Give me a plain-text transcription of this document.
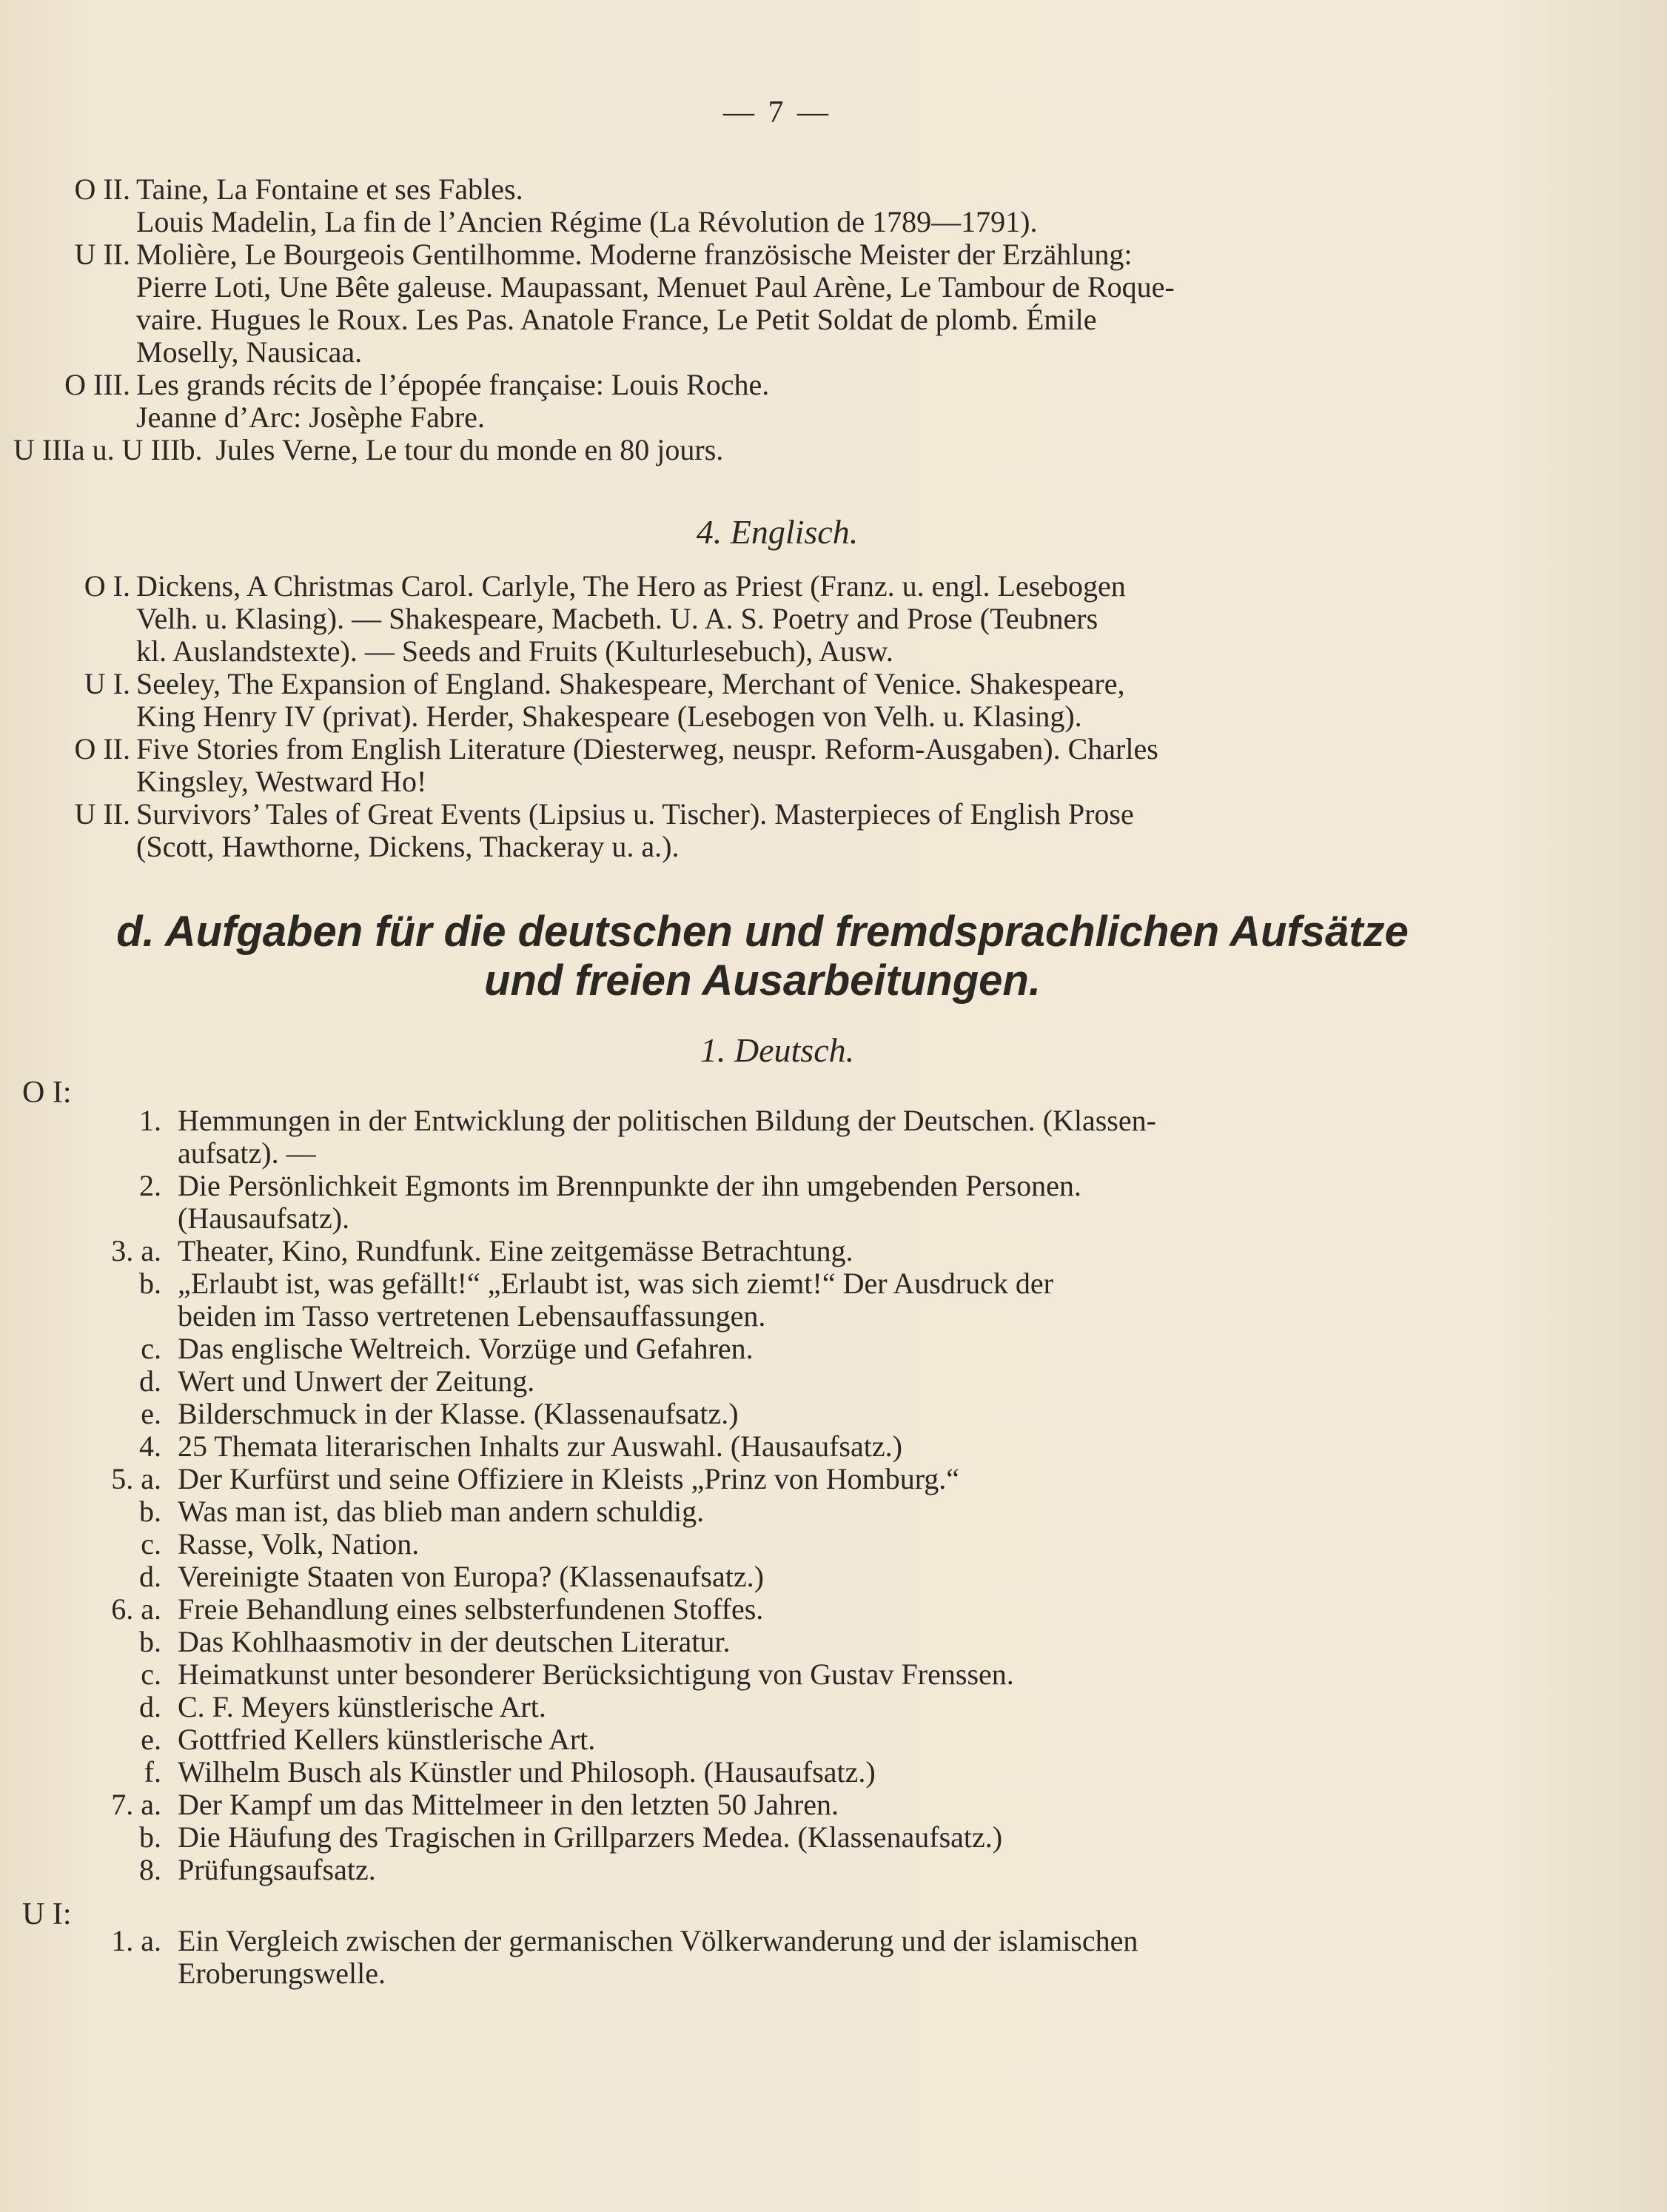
— 7 —
O II. Taine, La Fontaine et ses Fables.
Louis Madelin, La fin de l’Ancien Régime (La Révolution de 1789—1791).
U II. Molière, Le Bourgeois Gentilhomme. Moderne französische Meister der Erzählung:
Pierre Loti, Une Bête galeuse. Maupassant, Menuet Paul Arène, Le Tambour de Roque-
vaire. Hugues le Roux. Les Pas. Anatole France, Le Petit Soldat de plomb. Émile
Moselly, Nausicaa.
O III. Les grands récits de l’épopée française: Louis Roche.
Jeanne d’Arc: Josèphe Fabre.
U IIIa u. U IIIb. Jules Verne, Le tour du monde en 80 jours.
4. Englisch.
O I. Dickens, A Christmas Carol. Carlyle, The Hero as Priest (Franz. u. engl. Lesebogen
Velh. u. Klasing). — Shakespeare, Macbeth. U. A. S. Poetry and Prose (Teubners
kl. Auslandstexte). — Seeds and Fruits (Kulturlesebuch), Ausw.
U I. Seeley, The Expansion of England. Shakespeare, Merchant of Venice. Shakespeare,
King Henry IV (privat). Herder, Shakespeare (Lesebogen von Velh. u. Klasing).
O II. Five Stories from English Literature (Diesterweg, neuspr. Reform-Ausgaben). Charles
Kingsley, Westward Ho!
U II. Survivors’ Tales of Great Events (Lipsius u. Tischer). Masterpieces of English Prose
(Scott, Hawthorne, Dickens, Thackeray u. a.).
d. Aufgaben für die deutschen und fremdsprachlichen Aufsätze
und freien Ausarbeitungen.
1. Deutsch.
O I:
1. Hemmungen in der Entwicklung der politischen Bildung der Deutschen. (Klassen-
aufsatz). —
2. Die Persönlichkeit Egmonts im Brennpunkte der ihn umgebenden Personen.
(Hausaufsatz).
3. a. Theater, Kino, Rundfunk. Eine zeitgemässe Betrachtung.
b. „Erlaubt ist, was gefällt!“ „Erlaubt ist, was sich ziemt!“ Der Ausdruck der
beiden im Tasso vertretenen Lebensauffassungen.
c. Das englische Weltreich. Vorzüge und Gefahren.
d. Wert und Unwert der Zeitung.
e. Bilderschmuck in der Klasse. (Klassenaufsatz.)
4. 25 Themata literarischen Inhalts zur Auswahl. (Hausaufsatz.)
5. a. Der Kurfürst und seine Offiziere in Kleists „Prinz von Homburg.“
b. Was man ist, das blieb man andern schuldig.
c. Rasse, Volk, Nation.
d. Vereinigte Staaten von Europa? (Klassenaufsatz.)
6. a. Freie Behandlung eines selbsterfundenen Stoffes.
b. Das Kohlhaasmotiv in der deutschen Literatur.
c. Heimatkunst unter besonderer Berücksichtigung von Gustav Frenssen.
d. C. F. Meyers künstlerische Art.
e. Gottfried Kellers künstlerische Art.
f. Wilhelm Busch als Künstler und Philosoph. (Hausaufsatz.)
7. a. Der Kampf um das Mittelmeer in den letzten 50 Jahren.
b. Die Häufung des Tragischen in Grillparzers Medea. (Klassenaufsatz.)
8. Prüfungsaufsatz.
U I:
1. a. Ein Vergleich zwischen der germanischen Völkerwanderung und der islamischen
Eroberungswelle.
